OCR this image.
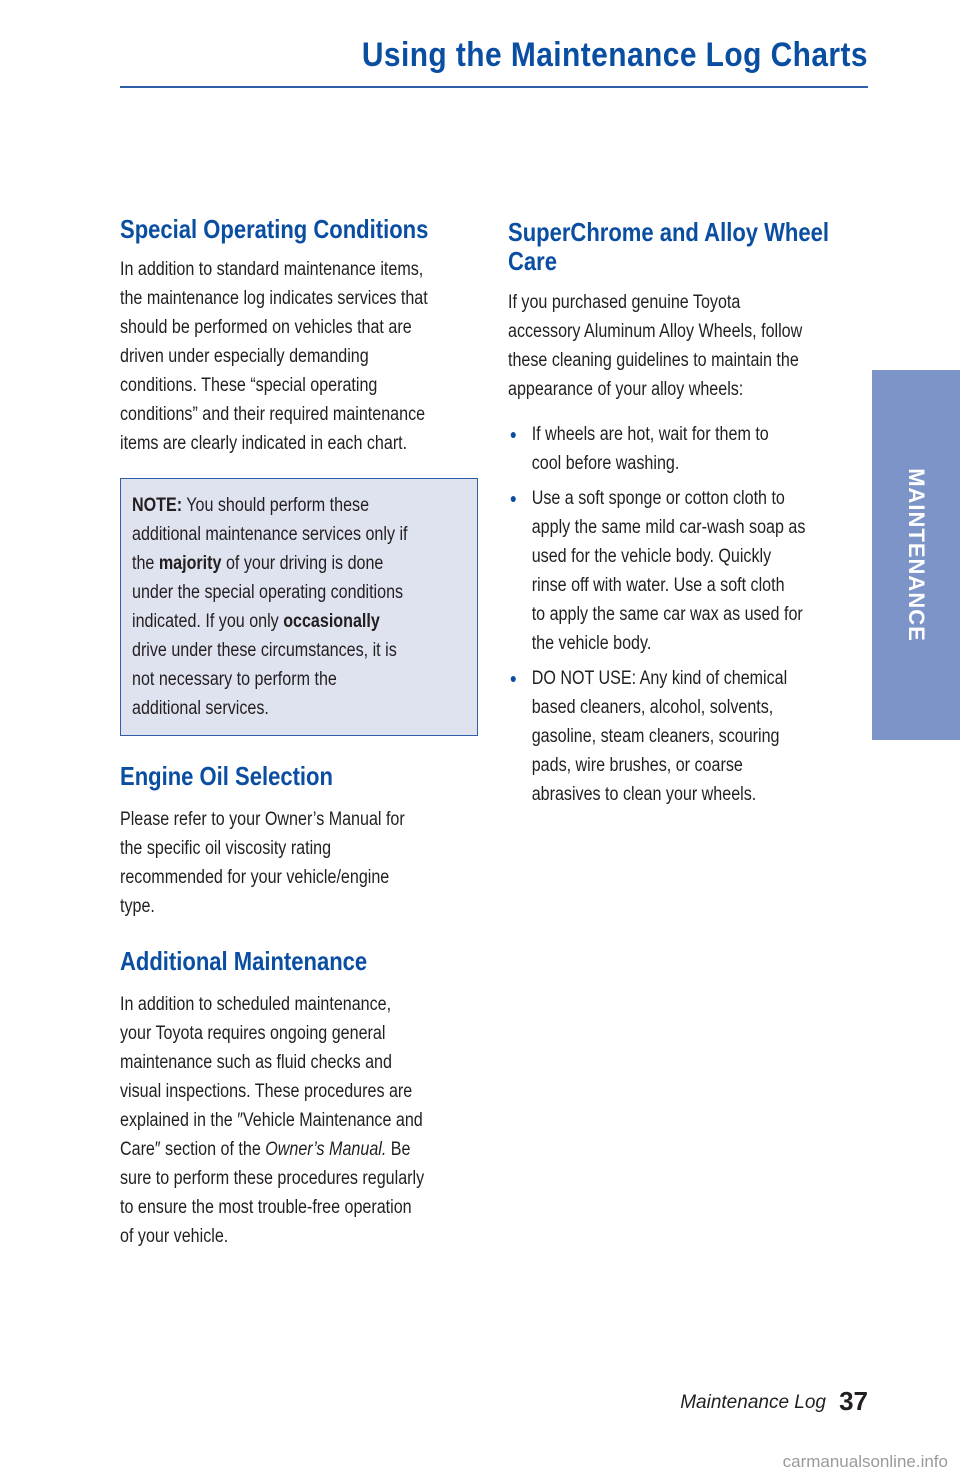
Using the Maintenance Log Charts
Special Operating Conditions

In addition to standard maintenance items,
the maintenance log indicates services that
should be performed on vehicles that are
driven under especially demanding
conditions. These “special operating
conditions” and their required maintenance
items are clearly indicated in each chart.

NOTE: You should perform these
additional maintenance services only if
the majority of your driving is done
under the special operating conditions
indicated. If you only occasionally
drive under these circumstances, it is
not necessary to perform the
additional services.

Engine Oil Selection

Please refer to your Owner’s Manual for
the specific oil viscosity rating
recommended for your vehicle/engine
type.

Additional Maintenance

In addition to scheduled maintenance,
your Toyota requires ongoing general
maintenance such as fluid checks and
visual inspections. These procedures are
explained in the ″Vehicle Maintenance and
Care″ section of the Owner’s Manual. Be
sure to perform these procedures regularly
to ensure the most trouble-free operation
of your vehicle.

SuperChrome and Alloy Wheel
Care

If you purchased genuine Toyota
accessory Aluminum Alloy Wheels, follow
these cleaning guidelines to maintain the
appearance of your alloy wheels:

● If wheels are hot, wait for them to
cool before washing.
● Use a soft sponge or cotton cloth to
apply the same mild car-wash soap as
used for the vehicle body. Quickly
rinse off with water. Use a soft cloth
to apply the same car wax as used for
the vehicle body.
● DO NOT USE: Any kind of chemical
based cleaners, alcohol, solvents,
gasoline, steam cleaners, scouring
pads, wire brushes, or coarse
abrasives to clean your wheels.
MAINTENANCE
Maintenance Log 37
carmanualsonline.info
